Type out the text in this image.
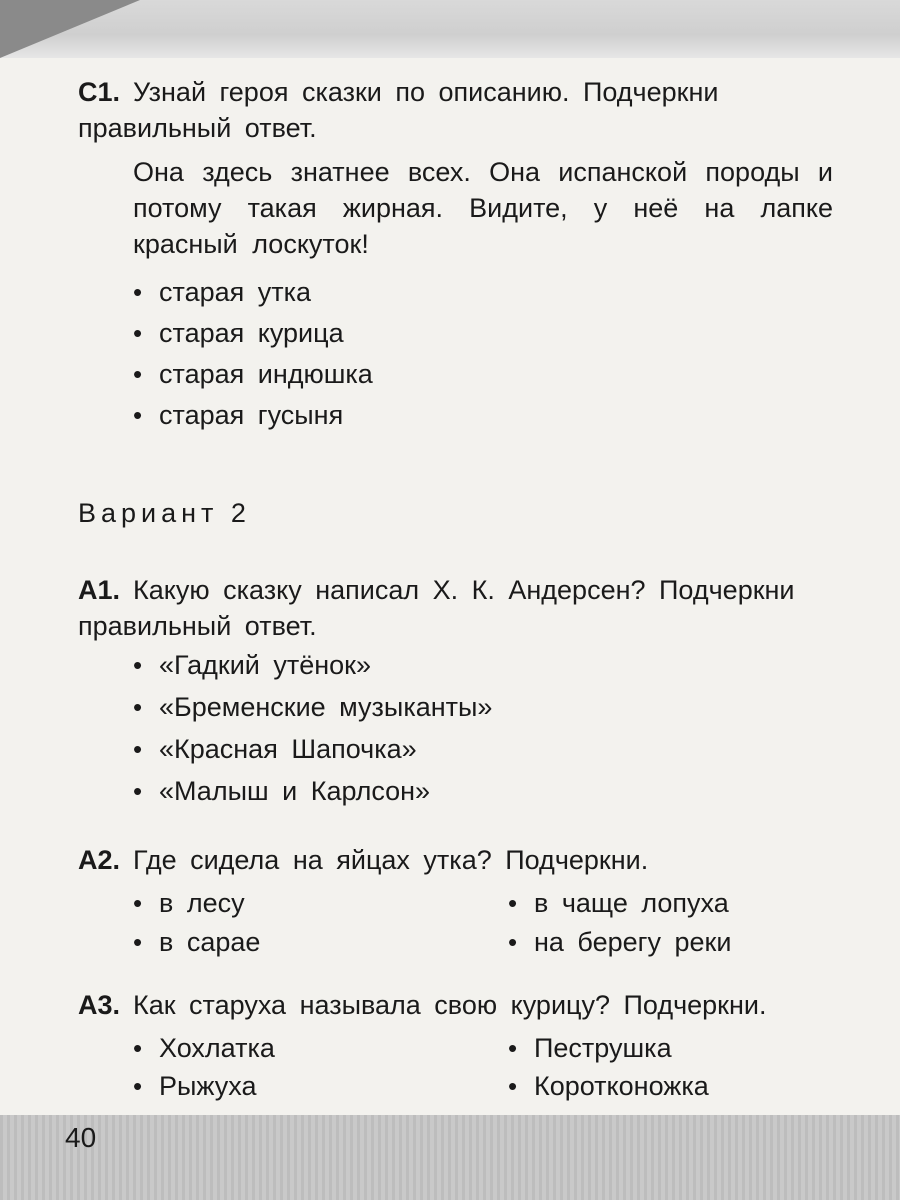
С1. Узнай героя сказки по описанию. Подчеркни правильный ответ.
Она здесь знатнее всех. Она испанской породы и потому такая жирная. Видите, у неё на лапке красный лоскуток!
• старая утка
• старая курица
• старая индюшка
• старая гусыня
Вариант 2
А1. Какую сказку написал Х. К. Андерсен? Подчеркни правильный ответ.
• «Гадкий утёнок»
• «Бременские музыканты»
• «Красная Шапочка»
• «Малыш и Карлсон»
А2. Где сидела на яйцах утка? Подчеркни.
• в лесу	• в чаще лопуха
• в сарае	• на берегу реки
А3. Как старуха называла свою курицу? Подчеркни.
• Хохлатка	• Пеструшка
• Рыжуха	• Коротконожка
40
